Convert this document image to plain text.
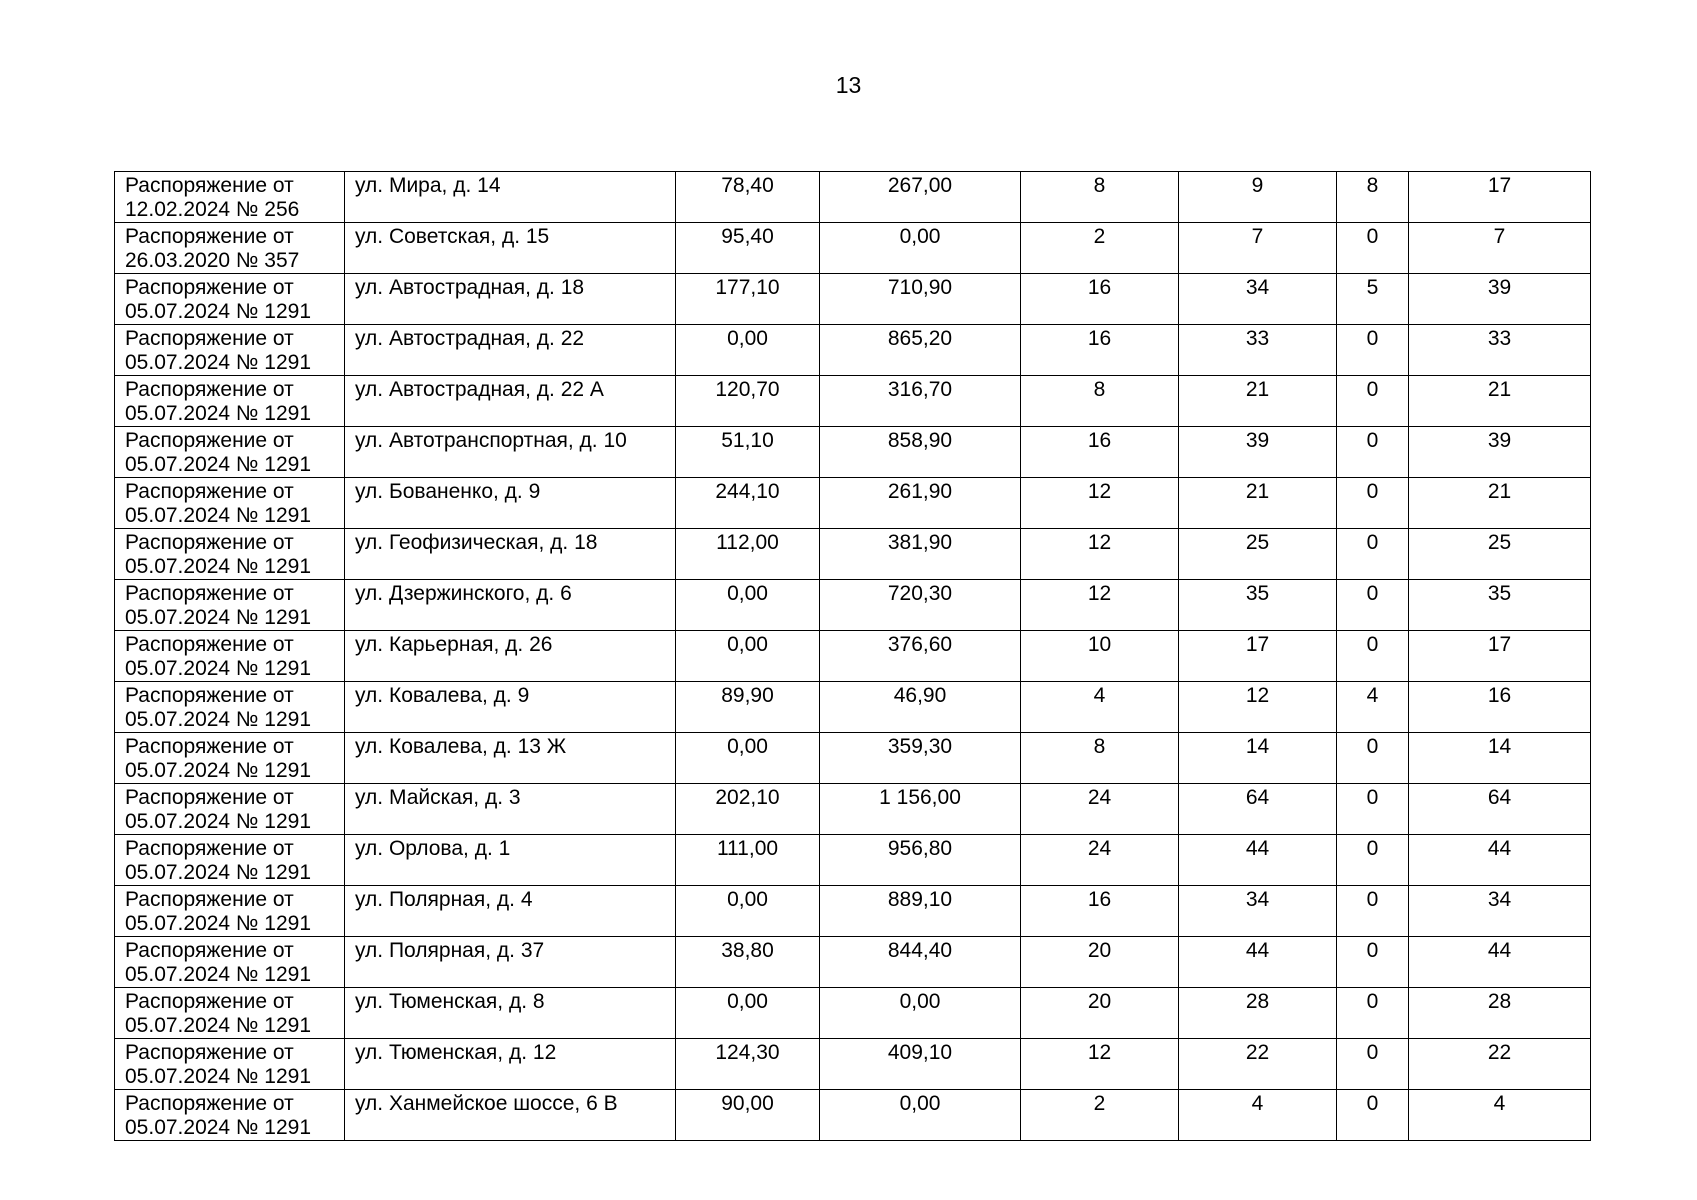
13
Распоряжение от
12.02.2024 № 256	ул. Мира, д. 14	78,40	267,00	8	9	8	17

Распоряжение от
26.03.2020 № 357	ул. Советская, д. 15	95,40	0,00	2	7	0	7

Распоряжение от
05.07.2024 № 1291	ул. Автострадная, д. 18	177,10	710,90	16	34	5	39

Распоряжение от
05.07.2024 № 1291	ул. Автострадная, д. 22	0,00	865,20	16	33	0	33

Распоряжение от
05.07.2024 № 1291	ул. Автострадная, д. 22 А	120,70	316,70	8	21	0	21

Распоряжение от
05.07.2024 № 1291	ул. Автотранспортная, д. 10	51,10	858,90	16	39	0	39

Распоряжение от
05.07.2024 № 1291	ул. Бованенко, д. 9	244,10	261,90	12	21	0	21

Распоряжение от
05.07.2024 № 1291	ул. Геофизическая, д. 18	112,00	381,90	12	25	0	25

Распоряжение от
05.07.2024 № 1291	ул. Дзержинского, д. 6	0,00	720,30	12	35	0	35

Распоряжение от
05.07.2024 № 1291	ул. Карьерная, д. 26	0,00	376,60	10	17	0	17

Распоряжение от
05.07.2024 № 1291	ул. Ковалева, д. 9	89,90	46,90	4	12	4	16

Распоряжение от
05.07.2024 № 1291	ул. Ковалева, д. 13 Ж	0,00	359,30	8	14	0	14

Распоряжение от
05.07.2024 № 1291	ул. Майская, д. 3	202,10	1 156,00	24	64	0	64

Распоряжение от
05.07.2024 № 1291	ул. Орлова, д. 1	111,00	956,80	24	44	0	44

Распоряжение от
05.07.2024 № 1291	ул. Полярная, д. 4	0,00	889,10	16	34	0	34

Распоряжение от
05.07.2024 № 1291	ул. Полярная, д. 37	38,80	844,40	20	44	0	44

Распоряжение от
05.07.2024 № 1291	ул. Тюменская, д. 8	0,00	0,00	20	28	0	28

Распоряжение от
05.07.2024 № 1291	ул. Тюменская, д. 12	124,30	409,10	12	22	0	22

Распоряжение от
05.07.2024 № 1291	ул. Ханмейское шоссе, 6 В	90,00	0,00	2	4	0	4
